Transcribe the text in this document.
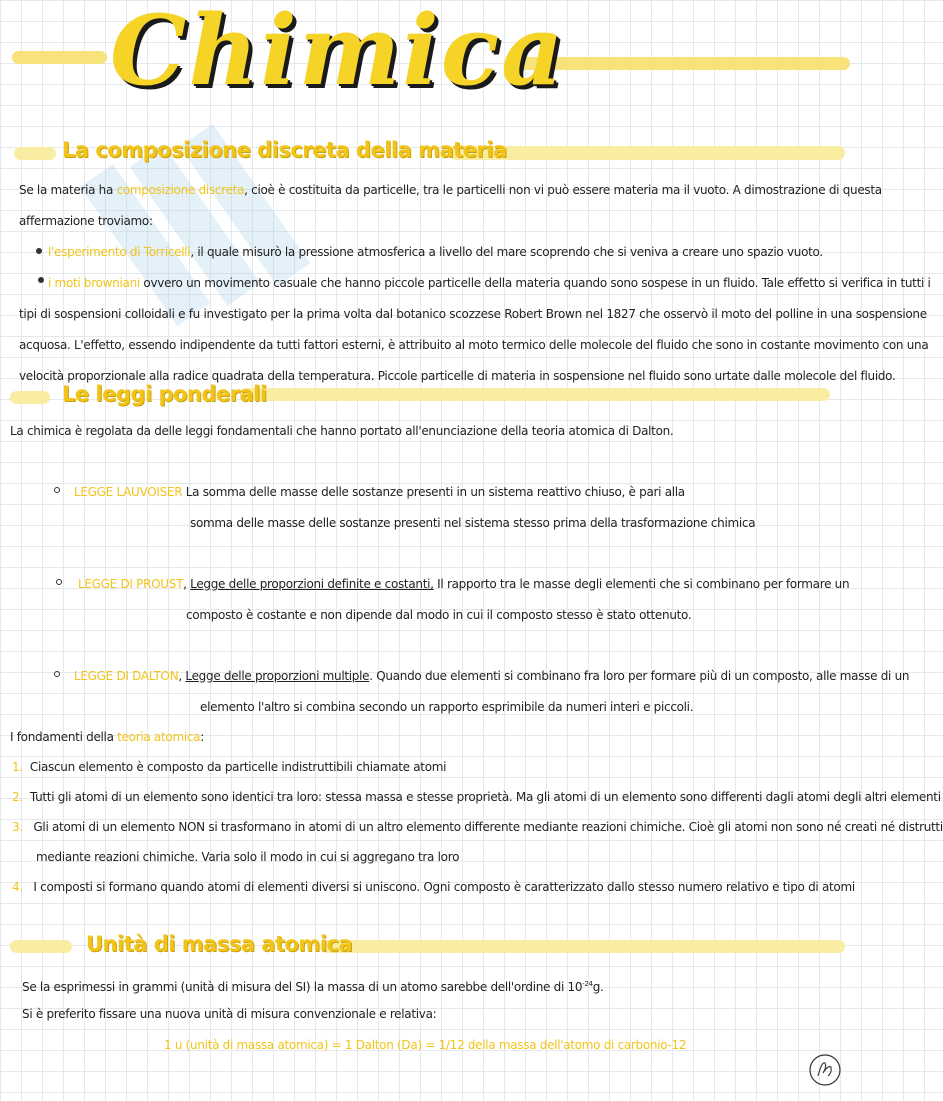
Chimica
La composizione discreta della materia
Se la materia ha composizione discreta, cioè è costituita da particelle, tra le particelli non vi può essere materia ma il vuoto. A dimostrazione di questa
affermazione troviamo:
l'esperimento di Torricelli, il quale misurò la pressione atmosferica a livello del mare scoprendo che si veniva a creare uno spazio vuoto.
i moti browniani ovvero un movimento casuale che hanno piccole particelle della materia quando sono sospese in un fluido. Tale effetto si verifica in tutti i
tipi di sospensioni colloidali e fu investigato per la prima volta dal botanico scozzese Robert Brown nel 1827 che osservò il moto del polline in una sospensione
acquosa. L'effetto, essendo indipendente da tutti fattori esterni, è attribuito al moto termico delle molecole del fluido che sono in costante movimento con una
velocità proporzionale alla radice quadrata della temperatura. Piccole particelle di materia in sospensione nel fluido sono urtate dalle molecole del fluido.
Le leggi ponderali
La chimica è regolata da delle leggi fondamentali che hanno portato all'enunciazione della teoria atomica di Dalton.
LEGGE LAUVOISER La somma delle masse delle sostanze presenti in un sistema reattivo chiuso, è pari alla
somma delle masse delle sostanze presenti nel sistema stesso prima della trasformazione chimica
LEGGE DI PROUST, Legge delle proporzioni definite e costanti, Il rapporto tra le masse degli elementi che si combinano per formare un
composto è costante e non dipende dal modo in cui il composto stesso è stato ottenuto.
LEGGE DI DALTON, Legge delle proporzioni multiple. Quando due elementi si combinano fra loro per formare più di un composto, alle masse di un
elemento l'altro si combina secondo un rapporto esprimibile da numeri interi e piccoli.
I fondamenti della teoria atomica:
1. Ciascun elemento è composto da particelle indistruttibili chiamate atomi
2. Tutti gli atomi di un elemento sono identici tra loro: stessa massa e stesse proprietà. Ma gli atomi di un elemento sono differenti dagli atomi degli altri elementi
3. Gli atomi di un elemento NON si trasformano in atomi di un altro elemento differente mediante reazioni chimiche. Cioè gli atomi non sono né creati né distrutti
mediante reazioni chimiche. Varia solo il modo in cui si aggregano tra loro
4. I composti si formano quando atomi di elementi diversi si uniscono. Ogni composto è caratterizzato dallo stesso numero relativo e tipo di atomi
Unità di massa atomica
Se la esprimessi in grammi (unità di misura del SI) la massa di un atomo sarebbe dell'ordine di $10^{-24}g$.
Si è preferito fissare una nuova unità di misura convenzionale e relativa:
1 u (unità di massa atomica) = 1 Dalton (Da) = 1/12 della massa dell'atomo di carbonio-12
